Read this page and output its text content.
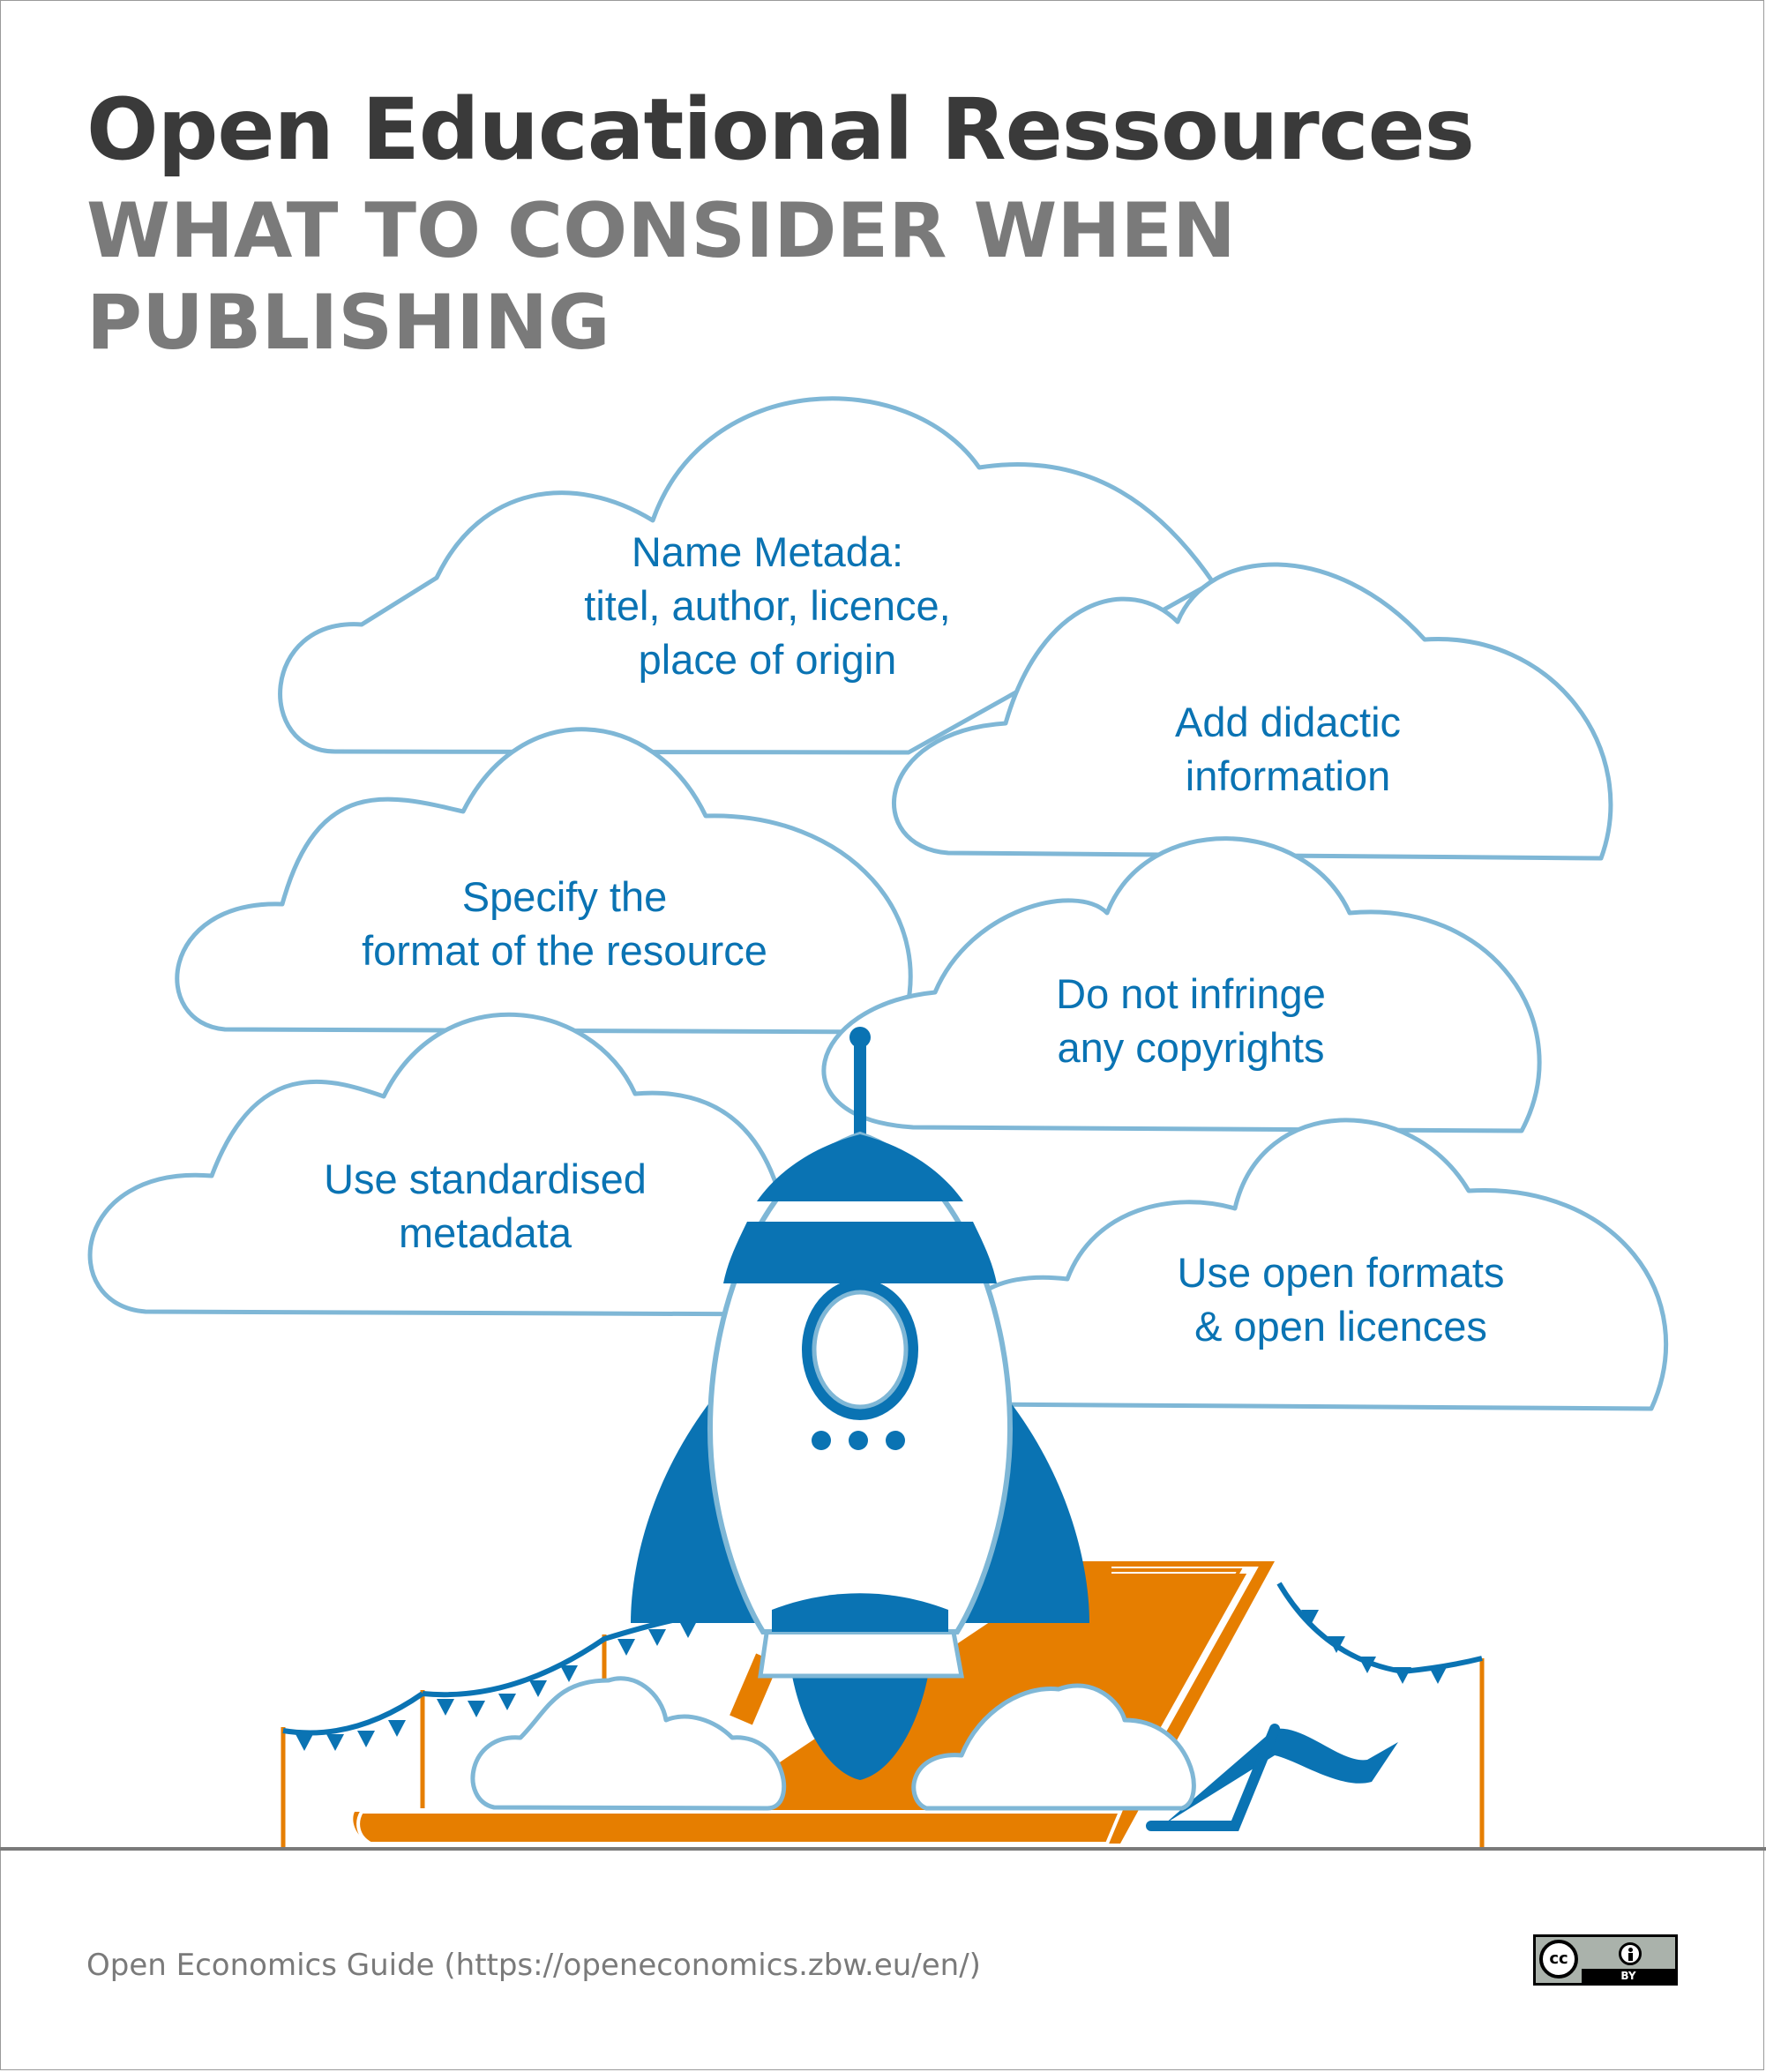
Open Educational Ressources
WHAT TO CONSIDER WHEN PUBLISHING
Name Metada:
titel, author, licence,
place of origin
Add didactic
information
Specify the
format of the resource
Do not infringe
any copyrights
Use standardised
metadata
Use open formats
& open licences
Open Economics Guide (https://openeconomics.zbw.eu/en/)	cc
BY
